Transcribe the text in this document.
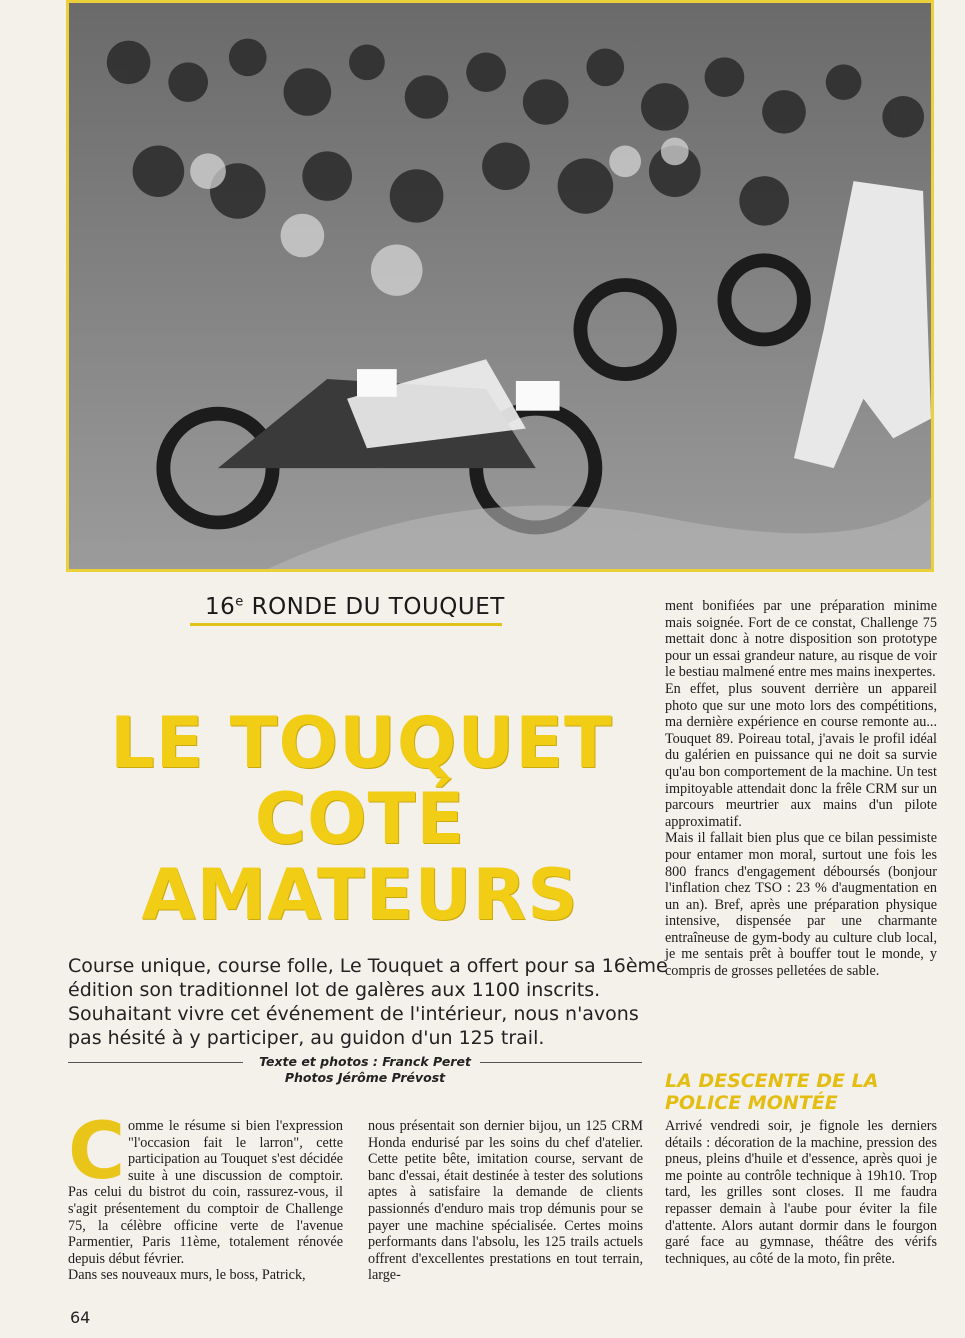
16e RONDE DU TOUQUET
LE TOUQUET
COTÉ
AMATEURS
Course unique, course folle, Le Touquet a offert pour sa 16ème édition son traditionnel lot de galères aux 1100 inscrits. Souhaitant vivre cet événement de l'intérieur, nous n'avons pas hésité à y participer, au guidon d'un 125 trail.
Texte et photos : Franck Peret
Photos Jérôme Prévost
C omme le résume si bien l'expression "l'occasion fait le larron", cette participation au Touquet s'est décidée suite à une discussion de comptoir. Pas celui du bistrot du coin, rassurez-vous, il s'agit présentement du comptoir de Challenge 75, la célèbre officine verte de l'avenue Parmentier, Paris 11ème, totalement rénovée depuis début février.

Dans ses nouveaux murs, le boss, Patrick,

nous présentait son dernier bijou, un 125 CRM Honda endurisé par les soins du chef d'atelier. Cette petite bête, imitation course, servant de banc d'essai, était destinée à tester des solutions aptes à satisfaire la demande de clients passionnés d'enduro mais trop démunis pour se payer une machine spécialisée. Certes moins performants dans l'absolu, les 125 trails actuels offrent d'excellentes prestations en tout terrain, large-

ment bonifiées par une préparation minime mais soignée. Fort de ce constat, Challenge 75 mettait donc à notre disposition son prototype pour un essai grandeur nature, au risque de voir le bestiau malmené entre mes mains inexpertes.

En effet, plus souvent derrière un appareil photo que sur une moto lors des compétitions, ma dernière expérience en course remonte au... Touquet 89. Poireau total, j'avais le profil idéal du galérien en puissance qui ne doit sa survie qu'au bon comportement de la machine. Un test impitoyable attendait donc la frêle CRM sur un parcours meurtrier aux mains d'un pilote approximatif.

Mais il fallait bien plus que ce bilan pessimiste pour entamer mon moral, surtout une fois les 800 francs d'engagement déboursés (bonjour l'inflation chez TSO : 23 % d'augmentation en un an). Bref, après une préparation physique intensive, dispensée par une charmante entraîneuse de gym-body au culture club local, je me sentais prêt à bouffer tout le monde, y compris de grosses pelletées de sable.

LA DESCENTE DE LA
POLICE MONTÉE

Arrivé vendredi soir, je fignole les derniers détails : décoration de la machine, pression des pneus, pleins d'huile et d'essence, après quoi je me pointe au contrôle technique à 19h10. Trop tard, les grilles sont closes. Il me faudra repasser demain à l'aube pour éviter la file d'attente. Alors autant dormir dans le fourgon garé face au gymnase, théâtre des vérifs techniques, au côté de la moto, fin prête.

64
